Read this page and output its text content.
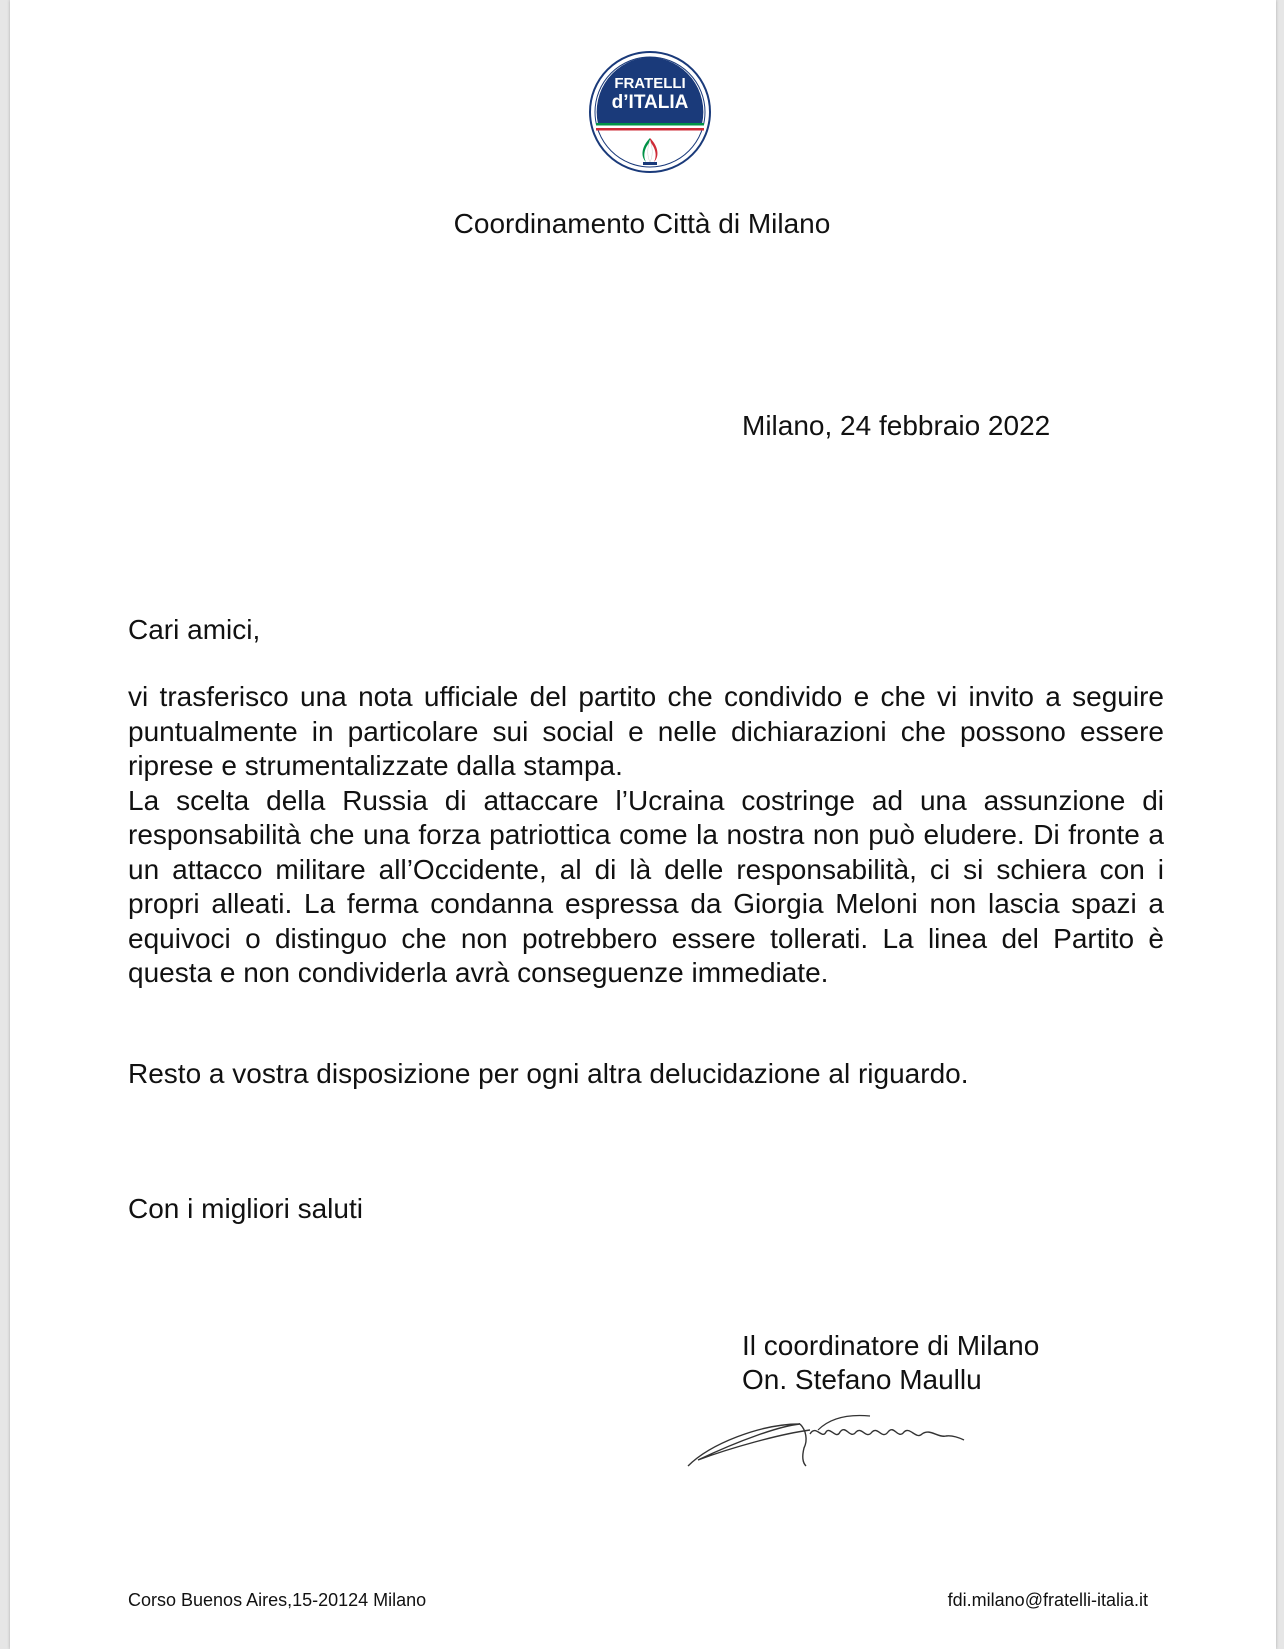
FRATELLI
d’ITALIA
Coordinamento Città di Milano
Milano, 24 febbraio 2022
Cari amici,

vi trasferisco una nota ufficiale del partito che condivido e che vi invito a seguire puntualmente in particolare sui social e nelle dichiarazioni che possono essere riprese e strumentalizzate dalla stampa.

La scelta della Russia di attaccare l’Ucraina costringe ad una assunzione di responsabilità che una forza patriottica come la nostra non può eludere. Di fronte a un attacco militare all’Occidente, al di là delle responsabilità, ci si schiera con i propri alleati. La ferma condanna espressa da Giorgia Meloni non lascia spazi a equivoci o distinguo che non potrebbero essere tollerati. La linea del Partito è questa e non condividerla avrà conseguenze immediate.

Resto a vostra disposizione per ogni altra delucidazione al riguardo.
Con i migliori saluti
Il coordinatore di Milano
On. Stefano Maullu
Corso Buenos Aires,15-20124 Milano	fdi.milano@fratelli-italia.it
